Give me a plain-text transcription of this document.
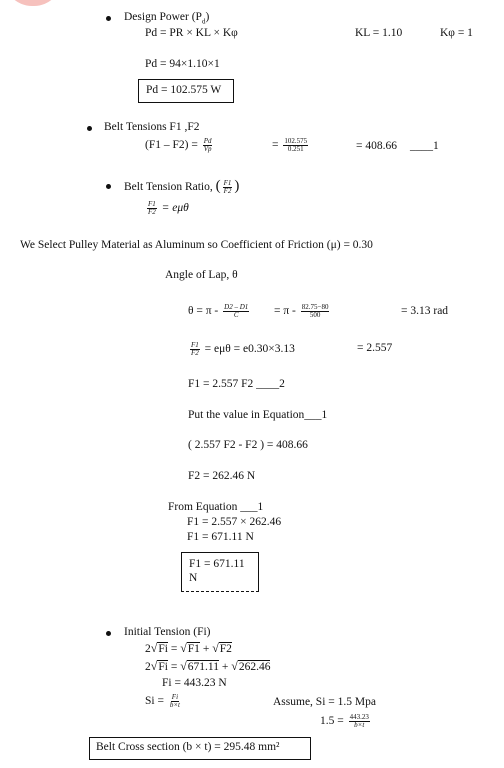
Design Power $(P_d)$
Pd = PR × KL × Kφ	KL = 1.10	Kφ = 1
Pd = 94×1.10×1
Pd = 102.575 W
Belt Tensions F1 ,F2
$(F1 - F2) = \frac{Pd}{Vp}$	= $\frac{102.575}{0.251}$	= 408.66 ____1
Belt Tension Ratio, ( $\frac{F1}{F2}$ )
$\frac{F1}{F2} = e\mu\theta$
We Select Pulley Material as Aluminum so Coefficient of Friction (μ) = 0.30
Angle of Lap, θ
$\theta = \pi - \frac{D2 - D1}{C} = \pi - \frac{82.75-80}{500}$	= 3.13 rad
$\frac{F1}{F2} = e\mu\theta = e0.30\times 3.13$	= 2.557
F1 = 2.557 F2 ____2
Put the value in Equation___1
( 2.557 F2 - F2 ) = 408.66
F2 = 262.46 N
From Equation ___1
F1 = 2.557 × 262.46
F1 = 671.11 N
F1 = 671.11
N
Initial Tension (Fi)
2√Fi = √F1 + √F2
2√Fi = √671.11 + √262.46
Fi = 443.23 N
$Si = \frac{Fi}{b\times t}$	Assume, Si = 1.5 Mpa
$1.5 = \frac{443.23}{b\times t}$
Belt Cross section (b × t) = 295.48 mm²
